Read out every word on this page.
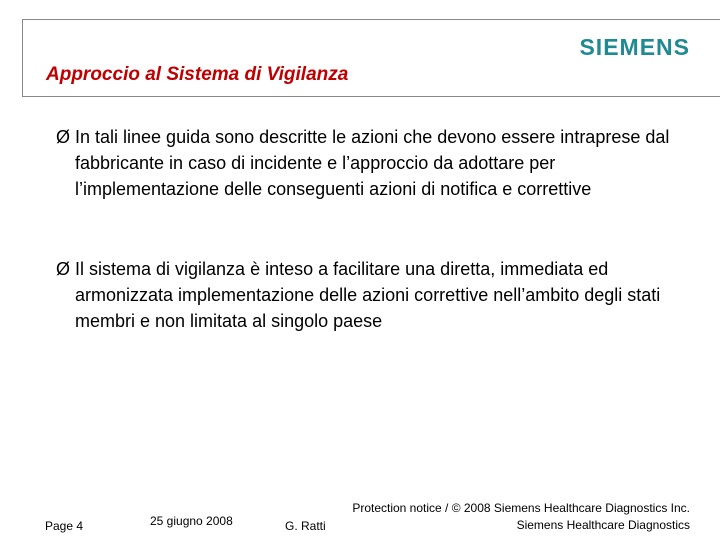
SIEMENS
Approccio al Sistema di Vigilanza
Ø In tali linee guida sono descritte le azioni che devono essere intraprese dal fabbricante in caso di incidente e l’approccio da adottare per l’implementazione delle conseguenti azioni di notifica e correttive
Ø Il sistema di vigilanza è inteso a facilitare una diretta, immediata ed armonizzata implementazione delle azioni correttive nell’ambito degli stati membri e non limitata al singolo paese
Page 4	25 giugno 2008	G. Ratti
Protection notice / © 2008 Siemens Healthcare Diagnostics Inc.
Siemens Healthcare Diagnostics
